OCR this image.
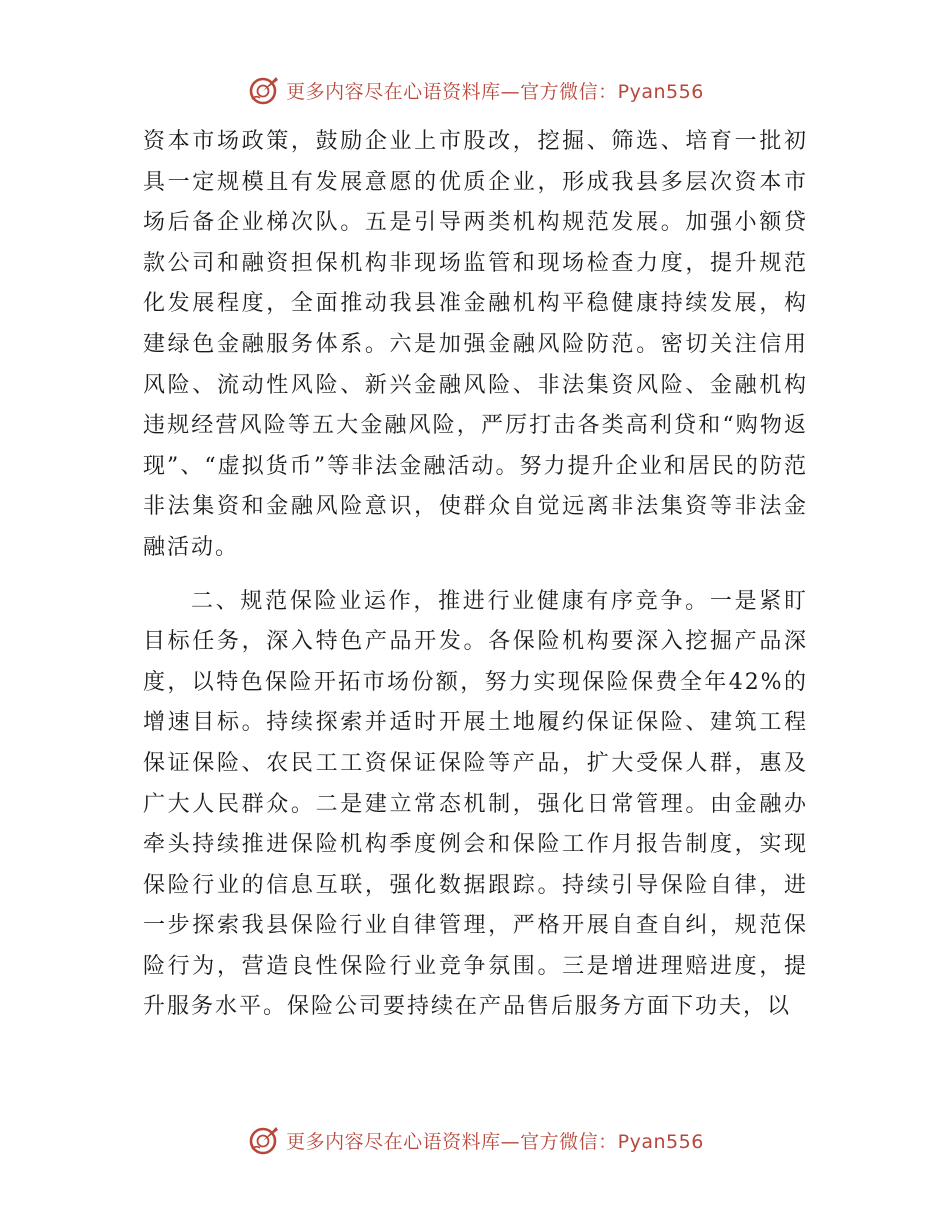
更多内容尽在心语资料库—官方微信：Pyan556

资本市场政策，鼓励企业上市股改，挖掘、筛选、培育一批初具一定规模且有发展意愿的优质企业，形成我县多层次资本市场后备企业梯次队。五是引导两类机构规范发展。加强小额贷款公司和融资担保机构非现场监管和现场检查力度，提升规范化发展程度，全面推动我县准金融机构平稳健康持续发展，构建绿色金融服务体系。六是加强金融风险防范。密切关注信用风险、流动性风险、新兴金融风险、非法集资风险、金融机构违规经营风险等五大金融风险，严厉打击各类高利贷和“购物返现”、“虚拟货币”等非法金融活动。努力提升企业和居民的防范非法集资和金融风险意识，使群众自觉远离非法集资等非法金融活动。

二、规范保险业运作，推进行业健康有序竞争。一是紧盯目标任务，深入特色产品开发。各保险机构要深入挖掘产品深度，以特色保险开拓市场份额，努力实现保险保费全年42%的增速目标。持续探索并适时开展土地履约保证保险、建筑工程保证保险、农民工工资保证保险等产品，扩大受保人群，惠及广大人民群众。二是建立常态机制，强化日常管理。由金融办牵头持续推进保险机构季度例会和保险工作月报告制度，实现保险行业的信息互联，强化数据跟踪。持续引导保险自律，进一步探索我县保险行业自律管理，严格开展自查自纠，规范保险行为，营造良性保险行业竞争氛围。三是增进理赔进度，提升服务水平。保险公司要持续在产品售后服务方面下功夫，以

更多内容尽在心语资料库—官方微信：Pyan556
